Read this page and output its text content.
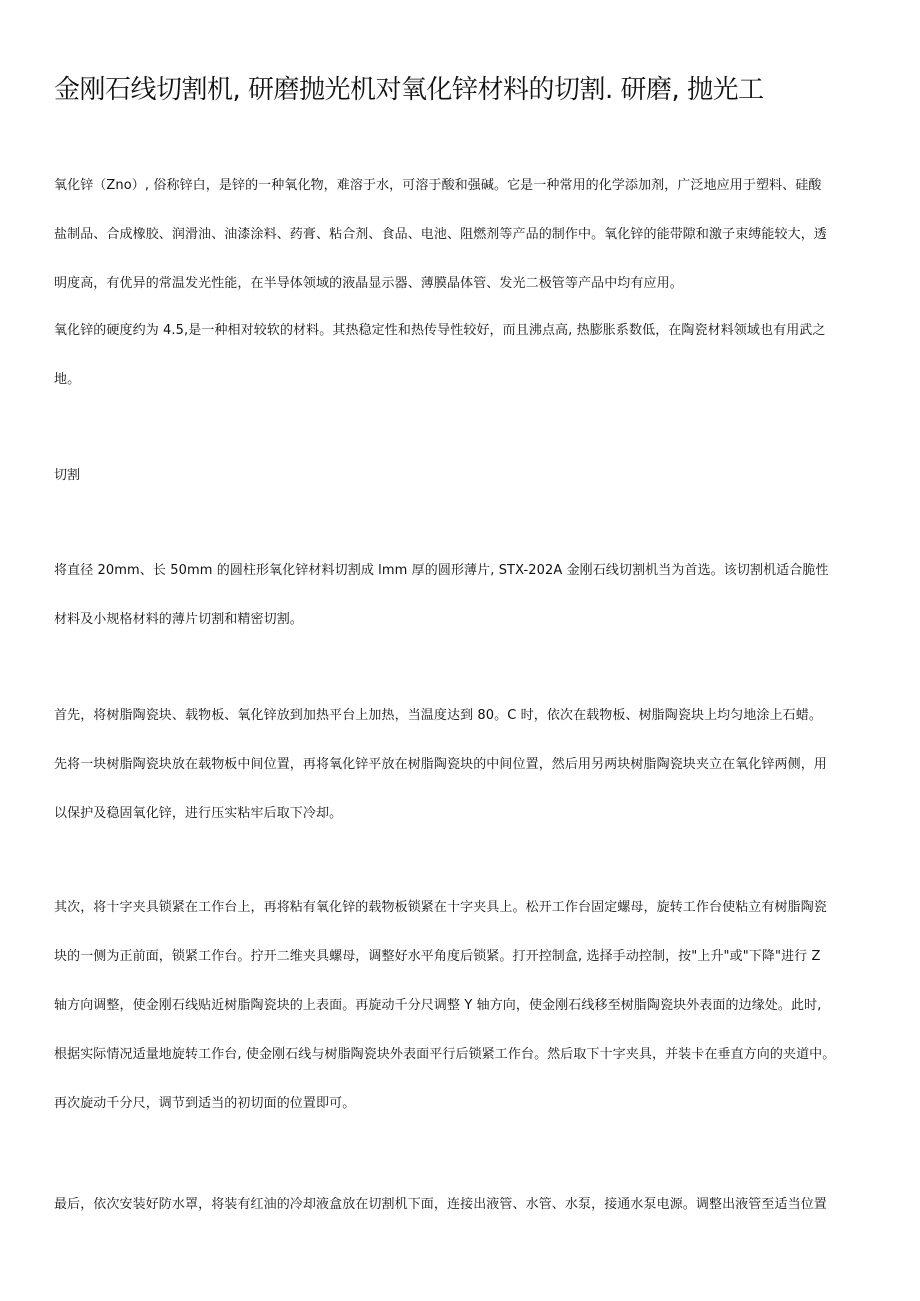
金刚石线切割机, 研磨抛光机对氧化锌材料的切割. 研磨, 抛光工
氧化锌（Zno）, 俗称锌白，是锌的一种氧化物，难溶于水，可溶于酸和强碱。它是一种常用的化学添加剂，广泛地应用于塑料、硅酸
盐制品、合成橡胶、润滑油、油漆涂料、药膏、粘合剂、食品、电池、阻燃剂等产品的制作中。氧化锌的能带隙和激子束缚能较大，透
明度高，有优异的常温发光性能，在半导体领域的液晶显示器、薄膜晶体管、发光二极管等产品中均有应用。
氧化锌的硬度约为 4.5,是一种相对较软的材料。其热稳定性和热传导性较好，而且沸点高, 热膨胀系数低，在陶瓷材料领域也有用武之
地。
切割
将直径 20mm、长 50mm 的圆柱形氧化锌材料切割成 lmm 厚的圆形薄片, STX-202A 金刚石线切割机当为首选。该切割机适合脆性
材料及小规格材料的薄片切割和精密切割。
首先，将树脂陶瓷块、载物板、氧化锌放到加热平台上加热，当温度达到 80。C 时，依次在载物板、树脂陶瓷块上均匀地涂上石蜡。
先将一块树脂陶瓷块放在载物板中间位置，再将氧化锌平放在树脂陶瓷块的中间位置，然后用另两块树脂陶瓷块夹立在氧化锌两侧，用
以保护及稳固氧化锌，进行压实粘牢后取下冷却。
其次，将十字夹具锁紧在工作台上，再将粘有氧化锌的载物板锁紧在十字夹具上。松开工作台固定螺母，旋转工作台使粘立有树脂陶瓷
块的一侧为正前面，锁紧工作台。拧开二维夹具螺母，调整好水平角度后锁紧。打开控制盒, 选择手动控制，按"上升"或"下降"进行 Z
轴方向调整，使金刚石线贴近树脂陶瓷块的上表面。再旋动千分尺调整 Y 轴方向，使金刚石线移至树脂陶瓷块外表面的边缘处。此时,
根据实际情况适量地旋转工作台, 使金刚石线与树脂陶瓷块外表面平行后锁紧工作台。然后取下十字夹具，并装卡在垂直方向的夹道中。
再次旋动千分尺，调节到适当的初切面的位置即可。
最后，依次安装好防水罩，将装有红油的冷却液盒放在切割机下面，连接出液管、水管、水泵，接通水泵电源。调整出液管至适当位置
